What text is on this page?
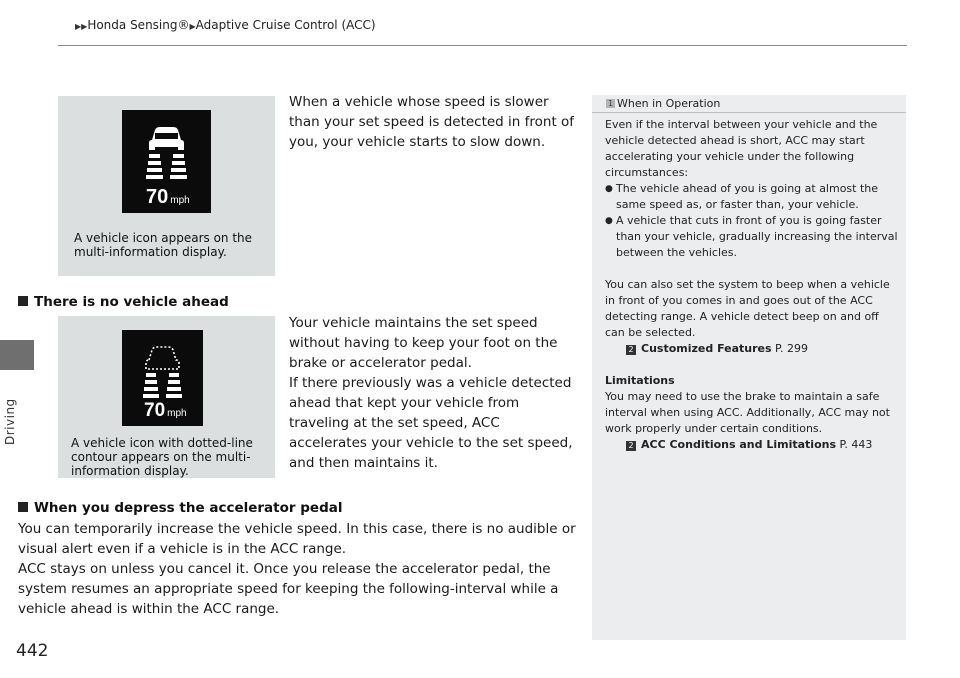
▶▶Honda Sensing®▶Adaptive Cruise Control (ACC)
Driving
442
70 mph
A vehicle icon appears on the multi-information display.
When a vehicle whose speed is slower than your set speed is detected in front of you, your vehicle starts to slow down.
There is no vehicle ahead
70 mph
A vehicle icon with dotted-line contour appears on the multi-information display.
Your vehicle maintains the set speed without having to keep your foot on the brake or accelerator pedal.
If there previously was a vehicle detected ahead that kept your vehicle from traveling at the set speed, ACC accelerates your vehicle to the set speed, and then maintains it.
When you depress the accelerator pedal
You can temporarily increase the vehicle speed. In this case, there is no audible or visual alert even if a vehicle is in the ACC range.
ACC stays on unless you cancel it. Once you release the accelerator pedal, the system resumes an appropriate speed for keeping the following-interval while a vehicle ahead is within the ACC range.
1 When in Operation

Even if the interval between your vehicle and the vehicle detected ahead is short, ACC may start accelerating your vehicle under the following circumstances:

● The vehicle ahead of you is going at almost the same speed as, or faster than, your vehicle.

● A vehicle that cuts in front of you is going faster than your vehicle, gradually increasing the interval between the vehicles.

You can also set the system to beep when a vehicle in front of you comes in and goes out of the ACC detecting range. A vehicle detect beep on and off can be selected.

2 Customized Features P. 299

Limitations

You may need to use the brake to maintain a safe interval when using ACC. Additionally, ACC may not work properly under certain conditions.

2 ACC Conditions and Limitations P. 443
